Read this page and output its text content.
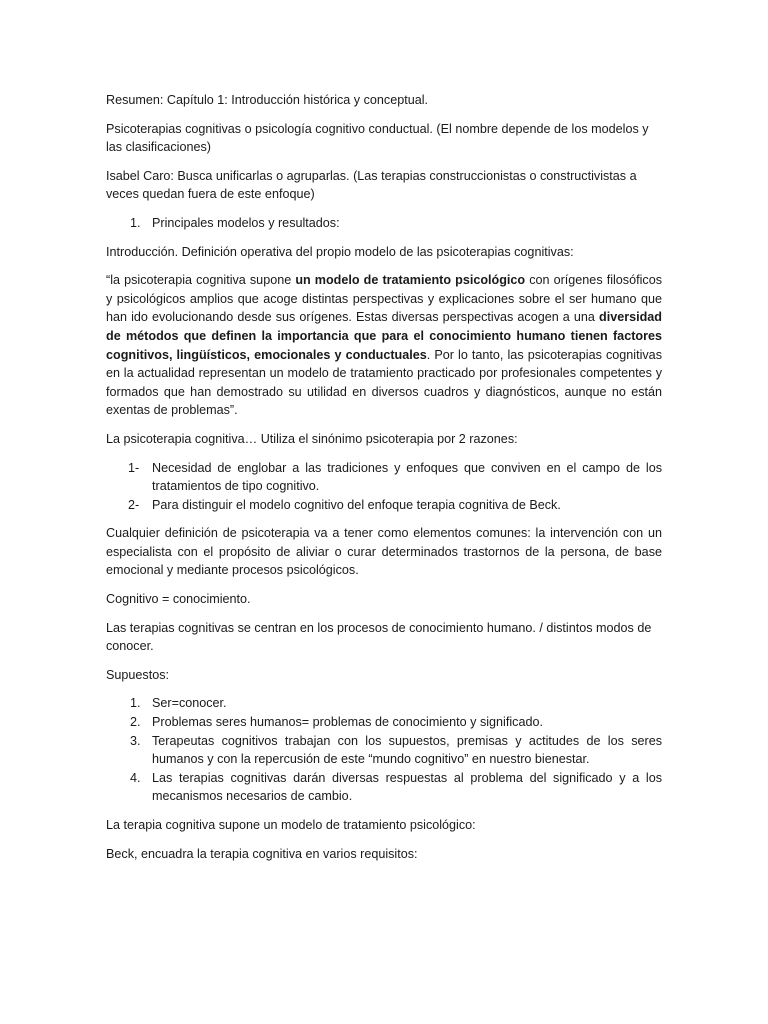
Resumen: Capítulo 1: Introducción histórica y conceptual.

Psicoterapias cognitivas o psicología cognitivo conductual. (El nombre depende de los modelos y las clasificaciones)

Isabel Caro: Busca unificarlas o agruparlas. (Las terapias construccionistas o constructivistas a veces quedan fuera de este enfoque)

1. Principales modelos y resultados:

Introducción. Definición operativa del propio modelo de las psicoterapias cognitivas:

“la psicoterapia cognitiva supone un modelo de tratamiento psicológico con orígenes filosóficos y psicológicos amplios que acoge distintas perspectivas y explicaciones sobre el ser humano que han ido evolucionando desde sus orígenes. Estas diversas perspectivas acogen a una diversidad de métodos que definen la importancia que para el conocimiento humano tienen factores cognitivos, lingüísticos, emocionales y conductuales. Por lo tanto, las psicoterapias cognitivas en la actualidad representan un modelo de tratamiento practicado por profesionales competentes y formados que han demostrado su utilidad en diversos cuadros y diagnósticos, aunque no están exentas de problemas”.

La psicoterapia cognitiva… Utiliza el sinónimo psicoterapia por 2 razones:

1- Necesidad de englobar a las tradiciones y enfoques que conviven en el campo de los tratamientos de tipo cognitivo.
2- Para distinguir el modelo cognitivo del enfoque terapia cognitiva de Beck.

Cualquier definición de psicoterapia va a tener como elementos comunes: la intervención con un especialista con el propósito de aliviar o curar determinados trastornos de la persona, de base emocional y mediante procesos psicológicos.

Cognitivo = conocimiento.

Las terapias cognitivas se centran en los procesos de conocimiento humano. / distintos modos de conocer.

Supuestos:

1. Ser=conocer.
2. Problemas seres humanos= problemas de conocimiento y significado.
3. Terapeutas cognitivos trabajan con los supuestos, premisas y actitudes de los seres humanos y con la repercusión de este “mundo cognitivo” en nuestro bienestar.
4. Las terapias cognitivas darán diversas respuestas al problema del significado y a los mecanismos necesarios de cambio.

La terapia cognitiva supone un modelo de tratamiento psicológico:

Beck, encuadra la terapia cognitiva en varios requisitos:
